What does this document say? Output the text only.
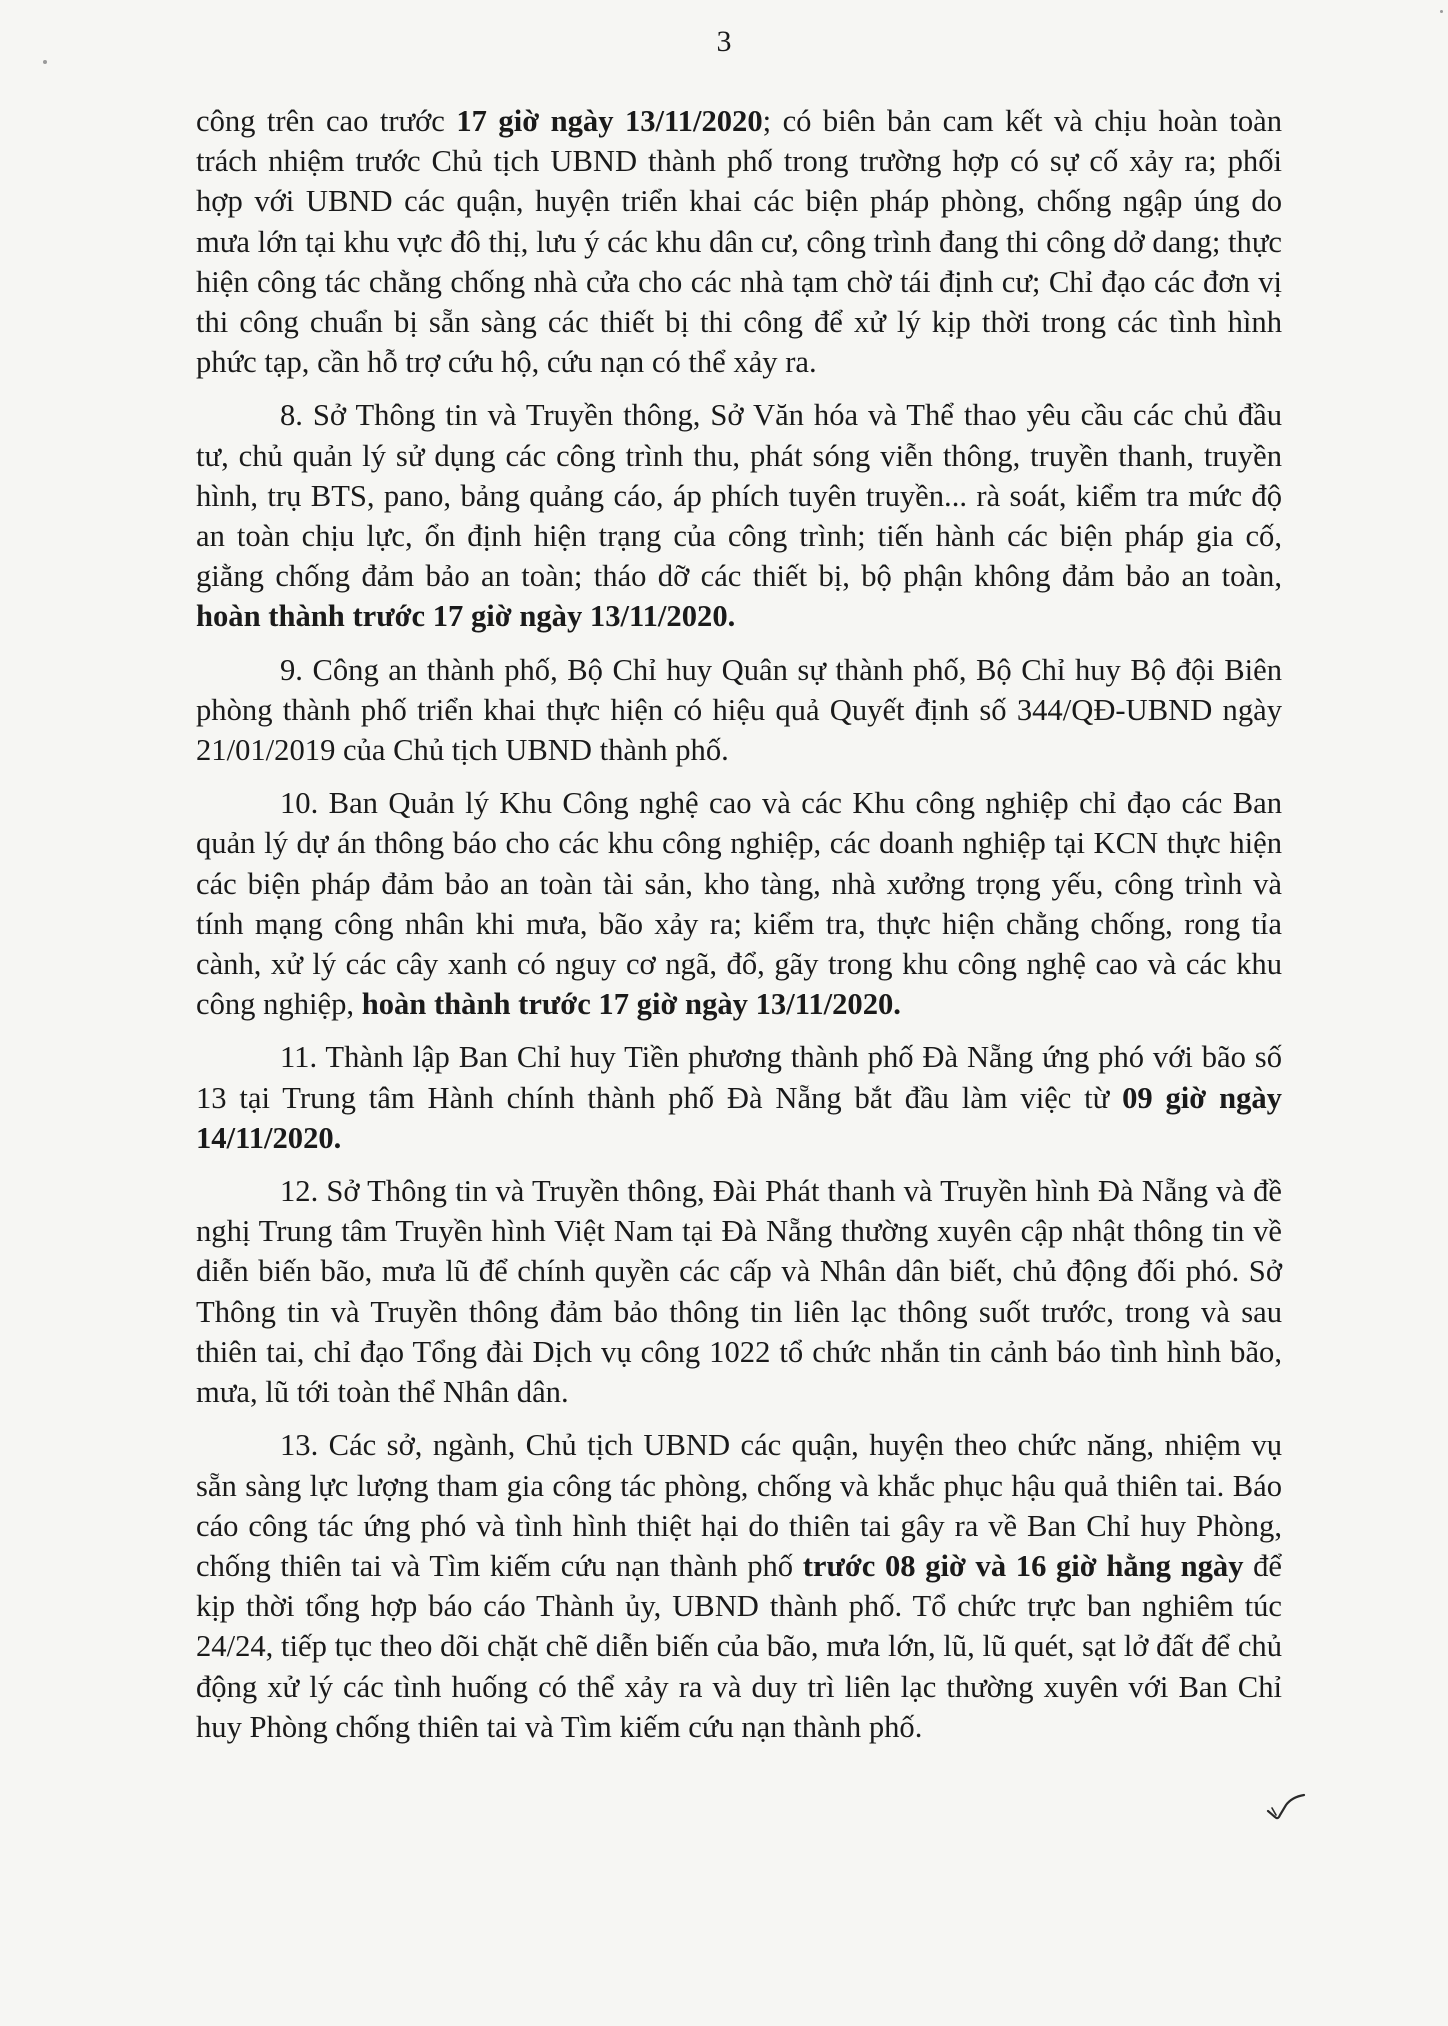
3

công trên cao trước 17 giờ ngày 13/11/2020; có biên bản cam kết và chịu hoàn toàn trách nhiệm trước Chủ tịch UBND thành phố trong trường hợp có sự cố xảy ra; phối hợp với UBND các quận, huyện triển khai các biện pháp phòng, chống ngập úng do mưa lớn tại khu vực đô thị, lưu ý các khu dân cư, công trình đang thi công dở dang; thực hiện công tác chằng chống nhà cửa cho các nhà tạm chờ tái định cư; Chỉ đạo các đơn vị thi công chuẩn bị sẵn sàng các thiết bị thi công để xử lý kịp thời trong các tình hình phức tạp, cần hỗ trợ cứu hộ, cứu nạn có thể xảy ra.

8. Sở Thông tin và Truyền thông, Sở Văn hóa và Thể thao yêu cầu các chủ đầu tư, chủ quản lý sử dụng các công trình thu, phát sóng viễn thông, truyền thanh, truyền hình, trụ BTS, pano, bảng quảng cáo, áp phích tuyên truyền... rà soát, kiểm tra mức độ an toàn chịu lực, ổn định hiện trạng của công trình; tiến hành các biện pháp gia cố, giằng chống đảm bảo an toàn; tháo dỡ các thiết bị, bộ phận không đảm bảo an toàn, hoàn thành trước 17 giờ ngày 13/11/2020.

9. Công an thành phố, Bộ Chỉ huy Quân sự thành phố, Bộ Chỉ huy Bộ đội Biên phòng thành phố triển khai thực hiện có hiệu quả Quyết định số 344/QĐ-UBND ngày 21/01/2019 của Chủ tịch UBND thành phố.

10. Ban Quản lý Khu Công nghệ cao và các Khu công nghiệp chỉ đạo các Ban quản lý dự án thông báo cho các khu công nghiệp, các doanh nghiệp tại KCN thực hiện các biện pháp đảm bảo an toàn tài sản, kho tàng, nhà xưởng trọng yếu, công trình và tính mạng công nhân khi mưa, bão xảy ra; kiểm tra, thực hiện chằng chống, rong tỉa cành, xử lý các cây xanh có nguy cơ ngã, đổ, gãy trong khu công nghệ cao và các khu công nghiệp, hoàn thành trước 17 giờ ngày 13/11/2020.

11. Thành lập Ban Chỉ huy Tiền phương thành phố Đà Nẵng ứng phó với bão số 13 tại Trung tâm Hành chính thành phố Đà Nẵng bắt đầu làm việc từ 09 giờ ngày 14/11/2020.

12. Sở Thông tin và Truyền thông, Đài Phát thanh và Truyền hình Đà Nẵng và đề nghị Trung tâm Truyền hình Việt Nam tại Đà Nẵng thường xuyên cập nhật thông tin về diễn biến bão, mưa lũ để chính quyền các cấp và Nhân dân biết, chủ động đối phó. Sở Thông tin và Truyền thông đảm bảo thông tin liên lạc thông suốt trước, trong và sau thiên tai, chỉ đạo Tổng đài Dịch vụ công 1022 tổ chức nhắn tin cảnh báo tình hình bão, mưa, lũ tới toàn thể Nhân dân.

13. Các sở, ngành, Chủ tịch UBND các quận, huyện theo chức năng, nhiệm vụ sẵn sàng lực lượng tham gia công tác phòng, chống và khắc phục hậu quả thiên tai. Báo cáo công tác ứng phó và tình hình thiệt hại do thiên tai gây ra về Ban Chỉ huy Phòng, chống thiên tai và Tìm kiếm cứu nạn thành phố trước 08 giờ và 16 giờ hằng ngày để kịp thời tổng hợp báo cáo Thành ủy, UBND thành phố. Tổ chức trực ban nghiêm túc 24/24, tiếp tục theo dõi chặt chẽ diễn biến của bão, mưa lớn, lũ, lũ quét, sạt lở đất để chủ động xử lý các tình huống có thể xảy ra và duy trì liên lạc thường xuyên với Ban Chỉ huy Phòng chống thiên tai và Tìm kiếm cứu nạn thành phố.
